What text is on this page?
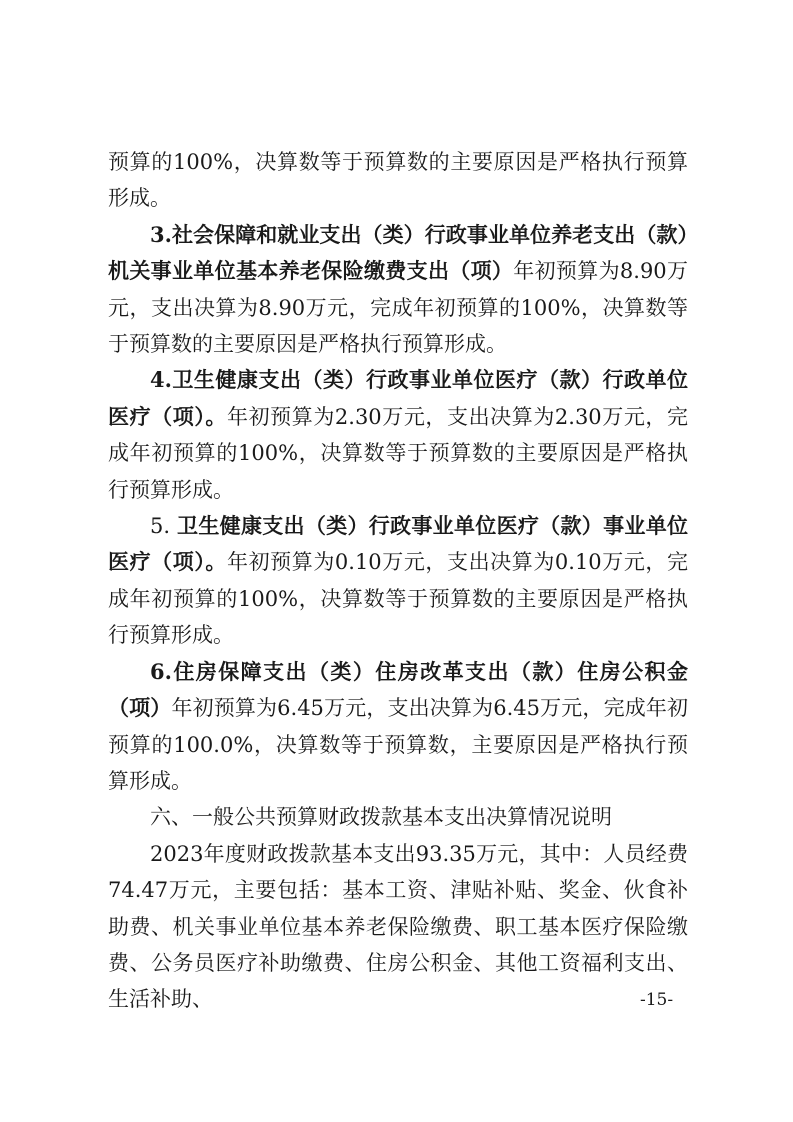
预算的100%，决算数等于预算数的主要原因是严格执行预算形成。

3.社会保障和就业支出（类）行政事业单位养老支出（款）机关事业单位基本养老保险缴费支出（项）年初预算为8.90万元，支出决算为8.90万元，完成年初预算的100%，决算数等于预算数的主要原因是严格执行预算形成。

4.卫生健康支出（类）行政事业单位医疗（款）行政单位医疗（项）。年初预算为2.30万元，支出决算为2.30万元，完成年初预算的100%，决算数等于预算数的主要原因是严格执行预算形成。

5. 卫生健康支出（类）行政事业单位医疗（款）事业单位医疗（项）。年初预算为0.10万元，支出决算为0.10万元，完成年初预算的100%，决算数等于预算数的主要原因是严格执行预算形成。

6.住房保障支出（类）住房改革支出（款）住房公积金（项）年初预算为6.45万元，支出决算为6.45万元，完成年初预算的100.0%，决算数等于预算数，主要原因是严格执行预算形成。

六、一般公共预算财政拨款基本支出决算情况说明

2023年度财政拨款基本支出93.35万元，其中：人员经费74.47万元，主要包括：基本工资、津贴补贴、奖金、伙食补助费、机关事业单位基本养老保险缴费、职工基本医疗保险缴费、公务员医疗补助缴费、住房公积金、其他工资福利支出、生活补助、	-15-
